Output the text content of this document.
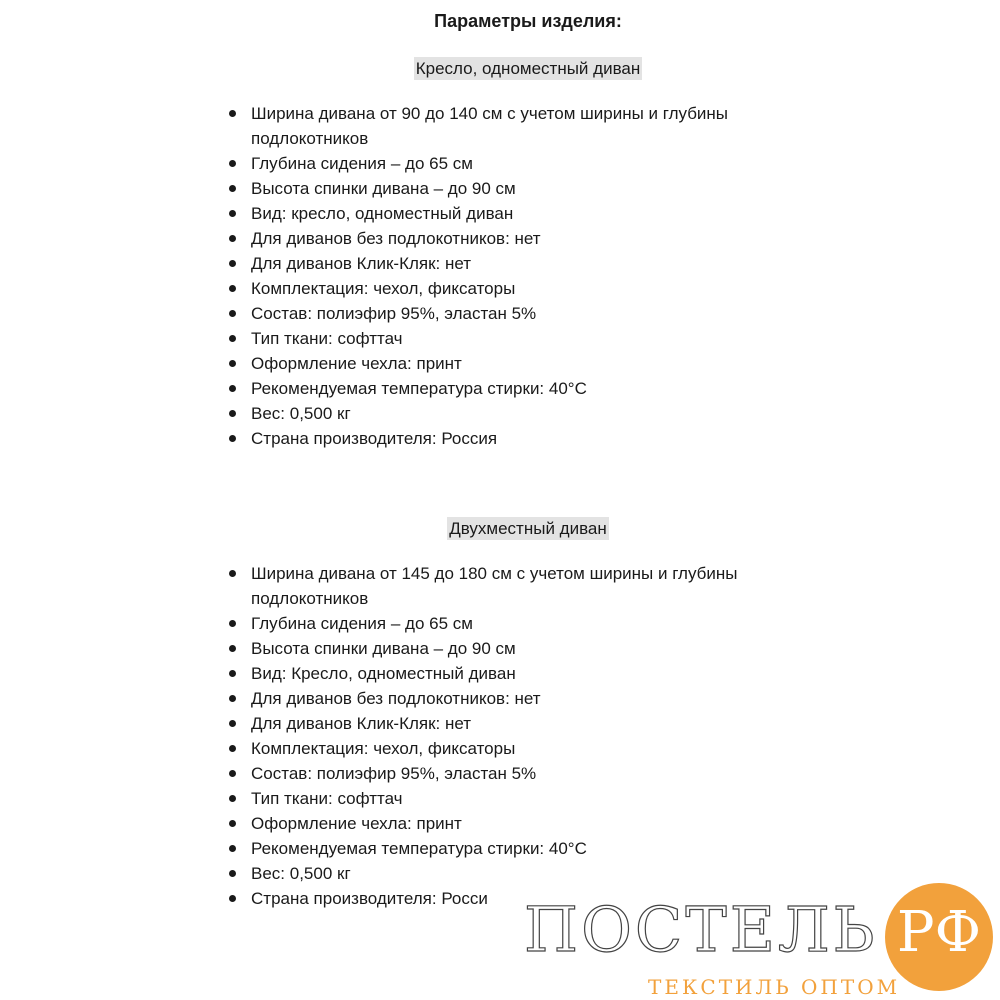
Параметры изделия:
Кресло, одноместный диван
Ширина дивана от 90 до 140 см с учетом ширины и глубины подлокотников
Глубина сидения – до 65 см
Высота спинки дивана – до 90 см
Вид: кресло, одноместный диван
Для диванов без подлокотников: нет
Для диванов Клик-Кляк: нет
Комплектация: чехол, фиксаторы
Состав: полиэфир 95%, эластан 5%
Тип ткани: софттач
Оформление чехла: принт
Рекомендуемая температура стирки: 40°C
Вес: 0,500 кг
Страна производителя: Россия
Двухместный диван
Ширина дивана от 145 до 180 см с учетом ширины и глубины подлокотников
Глубина сидения – до 65 см
Высота спинки дивана – до 90 см
Вид: Кресло, одноместный диван
Для диванов без подлокотников: нет
Для диванов Клик-Кляк: нет
Комплектация: чехол, фиксаторы
Состав: полиэфир 95%, эластан 5%
Тип ткани: софттач
Оформление чехла: принт
Рекомендуемая температура стирки: 40°C
Вес: 0,500 кг
Страна производителя: Росси ПОСТЕЛЬ РФ
ТЕКСТИЛЬ ОПТОМ
